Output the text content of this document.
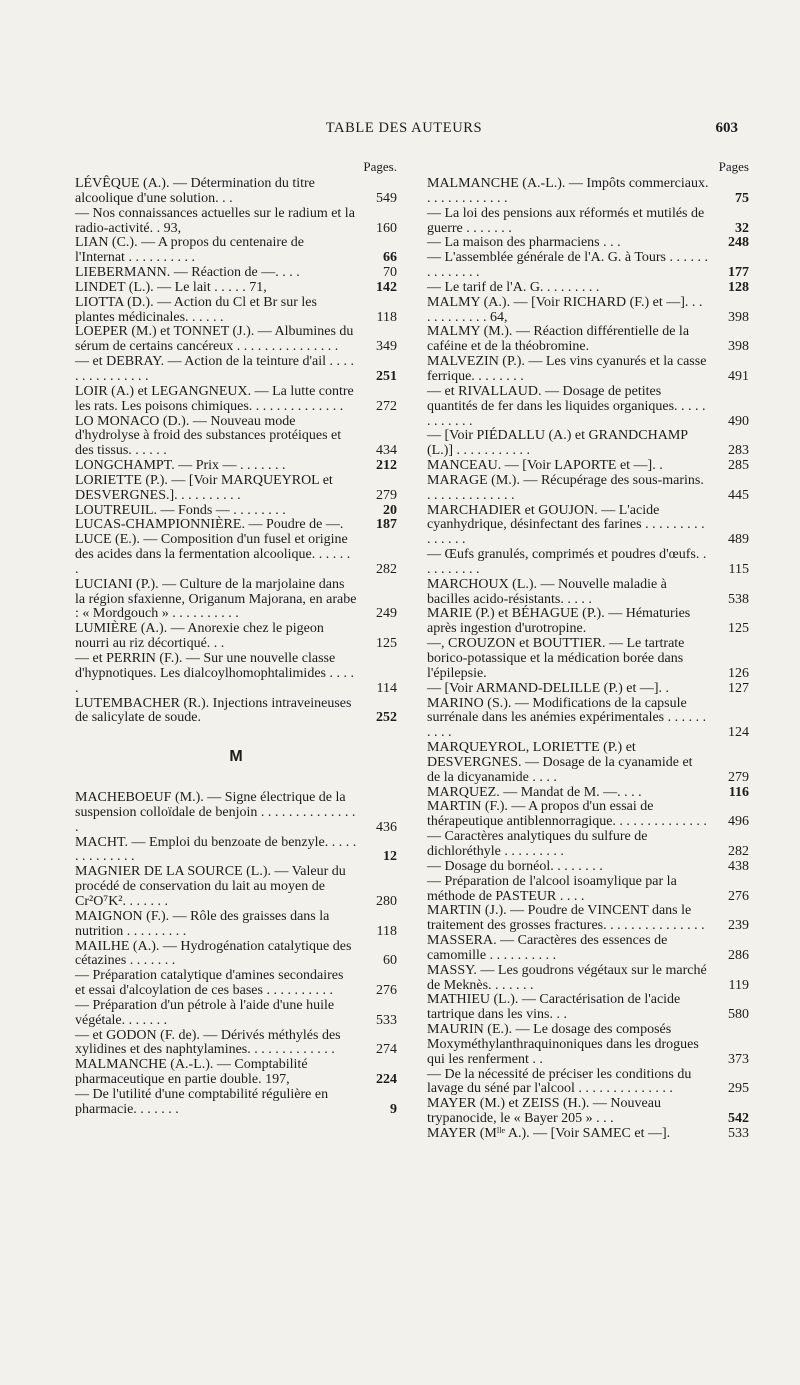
TABLE DES AUTEURS	603
Pages.
LÉVÊQUE (A.). — Détermination du titre alcoolique d'une solution. . .	549
— Nos connaissances actuelles sur le radium et la radio-activité. . 93,	160
LIAN (C.). — A propos du centenaire de l'Internat . . . . . . . . . .	66
LIEBERMANN. — Réaction de —. . . .	70
LINDET (L.). — Le lait . . . . . 71,	142
LIOTTA (D.). — Action du Cl et Br sur les plantes médicinales. . . . . .	118
LOEPER (M.) et TONNET (J.). — Albumines du sérum de certains cancéreux . . . . . . . . . . . . . . .	349
— et DEBRAY. — Action de la teinture d'ail . . . . . . . . . . . . . . .	251
LOIR (A.) et LEGANGNEUX. — La lutte contre les rats. Les poisons chimiques. . . . . . . . . . . . . .	272
LO MONACO (D.). — Nouveau mode d'hydrolyse à froid des substances protéiques et des tissus. . . . . .	434
LONGCHAMPT. — Prix — . . . . . . .	212
LORIETTE (P.). — [Voir MARQUEYROL et DESVERGNES.]. . . . . . . . . .	279
LOUTREUIL. — Fonds — . . . . . . . .	20
LUCAS-CHAMPIONNIÈRE. — Poudre de —.	187
LUCE (E.). — Composition d'un fusel et origine des acides dans la fermentation alcoolique. . . . . . .	282
LUCIANI (P.). — Culture de la marjolaine dans la région sfaxienne, Origanum Majorana, en arabe : « Mordgouch » . . . . . . . . . .	249
LUMIÈRE (A.). — Anorexie chez le pigeon nourri au riz décortiqué. . .	125
— et PERRIN (F.). — Sur une nouvelle classe d'hypnotiques. Les dialcoylhomophtalimides . . . . .	114
LUTEMBACHER (R.). Injections intraveineuses de salicylate de soude.	252
M
MACHEBOEUF (M.). — Signe électrique de la suspension colloïdale de benjoin . . . . . . . . . . . . . . .	436
MACHT. — Emploi du benzoate de benzyle. . . . . . . . . . . . . .	12
MAGNIER DE LA SOURCE (L.). — Valeur du procédé de conservation du lait au moyen de Cr²O⁷K². . . . . . .	280
MAIGNON (F.). — Rôle des graisses dans la nutrition . . . . . . . . .	118
MAILHE (A.). — Hydrogénation catalytique des cétazines . . . . . . .	60
— Préparation catalytique d'amines secondaires et essai d'alcoylation de ces bases . . . . . . . . . .	276
— Préparation d'un pétrole à l'aide d'une huile végétale. . . . . . .	533
— et GODON (F. de). — Dérivés méthylés des xylidines et des naphtylamines. . . . . . . . . . . . .	274
MALMANCHE (A.-L.). — Comptabilité pharmaceutique en partie double. 197,	224
— De l'utilité d'une comptabilité régulière en pharmacie. . . . . . .	9
Pages
MALMANCHE (A.-L.). — Impôts commerciaux. . . . . . . . . . . . .	75
— La loi des pensions aux réformés et mutilés de guerre . . . . . . .	32
— La maison des pharmaciens . . .	248
— L'assemblée générale de l'A. G. à Tours . . . . . . . . . . . . . .	177
— Le tarif de l'A. G. . . . . . . . .	128
MALMY (A.). — [Voir RICHARD (F.) et —]. . . . . . . . . . . . 64,	398
MALMY (M.). — Réaction différentielle de la caféine et de la théobromine.	398
MALVEZIN (P.). — Les vins cyanurés et la casse ferrique. . . . . . . .	491
— et RIVALLAUD. — Dosage de petites quantités de fer dans les liquides organiques. . . . . . . . . . . .	490
— [Voir PIÉDALLU (A.) et GRANDCHAMP (L.)] . . . . . . . . . . .	283
MANCEAU. — [Voir LAPORTE et —]. .	285
MARAGE (M.). — Récupérage des sous-marins. . . . . . . . . . . . . .	445
MARCHADIER et GOUJON. — L'acide cyanhydrique, désinfectant des farines . . . . . . . . . . . . . . .	489
— Œufs granulés, comprimés et poudres d'œufs. . . . . . . . . .	115
MARCHOUX (L.). — Nouvelle maladie à bacilles acido-résistants. . . . .	538
MARIE (P.) et BÉHAGUE (P.). — Hématuries après ingestion d'urotropine.	125
—, CROUZON et BOUTTIER. — Le tartrate borico-potassique et la médication borée dans l'épilepsie.	126
— [Voir ARMAND-DELILLE (P.) et —]. .	127
MARINO (S.). — Modifications de la capsule surrénale dans les anémies expérimentales . . . . . . . . . .	124
MARQUEYROL, LORIETTE (P.) et DESVERGNES. — Dosage de la cyanamide et de la dicyanamide . . . .	279
MARQUEZ. — Mandat de M. —. . . .	116
MARTIN (F.). — A propos d'un essai de thérapeutique antiblennorragique. . . . . . . . . . . . . .	496
— Caractères analytiques du sulfure de dichloréthyle . . . . . . . . .	282
— Dosage du bornéol. . . . . . . .	438
— Préparation de l'alcool isoamylique par la méthode de PASTEUR . . . .	276
MARTIN (J.). — Poudre de VINCENT dans le traitement des grosses fractures. . . . . . . . . . . . . . .	239
MASSERA. — Caractères des essences de camomille . . . . . . . . . .	286
MASSY. — Les goudrons végétaux sur le marché de Meknès. . . . . . .	119
MATHIEU (L.). — Caractérisation de l'acide tartrique dans les vins. . .	580
MAURIN (E.). — Le dosage des composés Moxyméthylanthraquinoniques dans les drogues qui les renferment . .	373
— De la nécessité de préciser les conditions du lavage du séné par l'alcool . . . . . . . . . . . . . .	295
MAYER (M.) et ZEISS (H.). — Nouveau trypanocide, le « Bayer 205 » . . .	542
MAYER (Mˡˡᵉ A.). — [Voir SAMEC et —].	533
